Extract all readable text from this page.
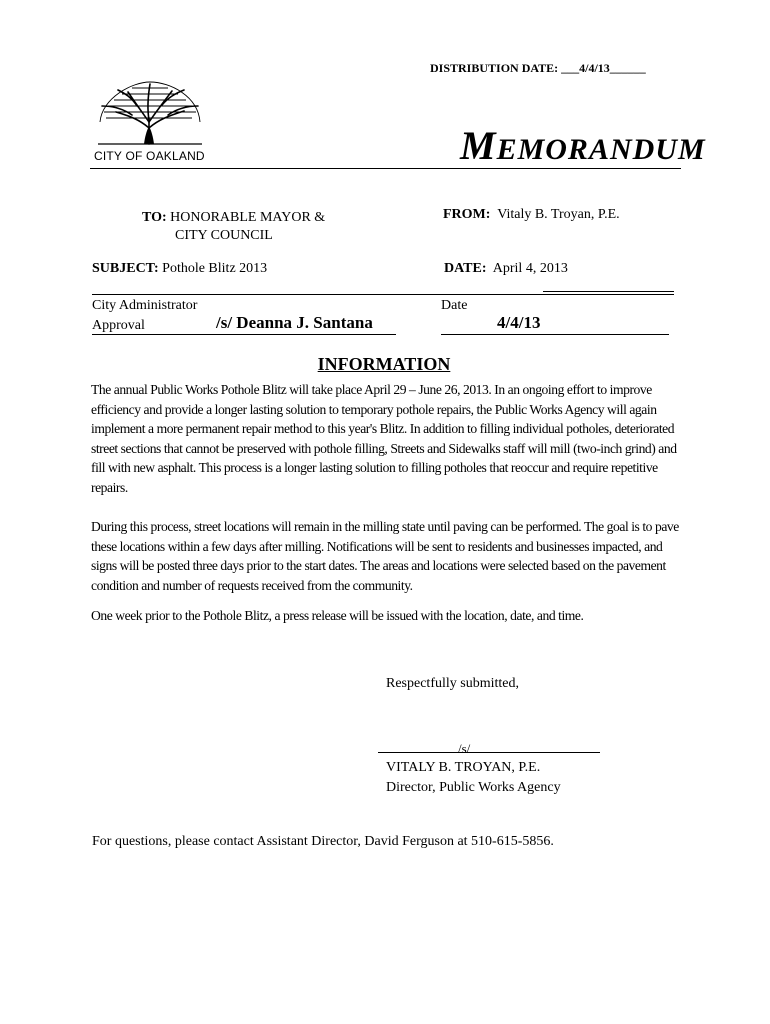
DISTRIBUTION DATE: ___4/4/13______
CITY OF OAKLAND	MEMORANDUM
TO: HONORABLE MAYOR &
CITY COUNCIL
FROM: Vitaly B. Troyan, P.E.
SUBJECT: Pothole Blitz 2013	DATE: April 4, 2013
City Administrator
Approval	/s/ Deanna J. Santana
Date
4/4/13
INFORMATION
The annual Public Works Pothole Blitz will take place April 29 – June 26, 2013. In an ongoing effort to improve efficiency and provide a longer lasting solution to temporary pothole repairs, the Public Works Agency will again implement a more permanent repair method to this year's Blitz. In addition to filling individual potholes, deteriorated street sections that cannot be preserved with pothole filling, Streets and Sidewalks staff will mill (two-inch grind) and fill with new asphalt. This process is a longer lasting solution to filling potholes that reoccur and require repetitive repairs.
During this process, street locations will remain in the milling state until paving can be performed. The goal is to pave these locations within a few days after milling. Notifications will be sent to residents and businesses impacted, and signs will be posted three days prior to the start dates. The areas and locations were selected based on the pavement condition and number of requests received from the community.
One week prior to the Pothole Blitz, a press release will be issued with the location, date, and time.
Respectfully submitted,
/s/
VITALY B. TROYAN, P.E.
Director, Public Works Agency
For questions, please contact Assistant Director, David Ferguson at 510-615-5856.
